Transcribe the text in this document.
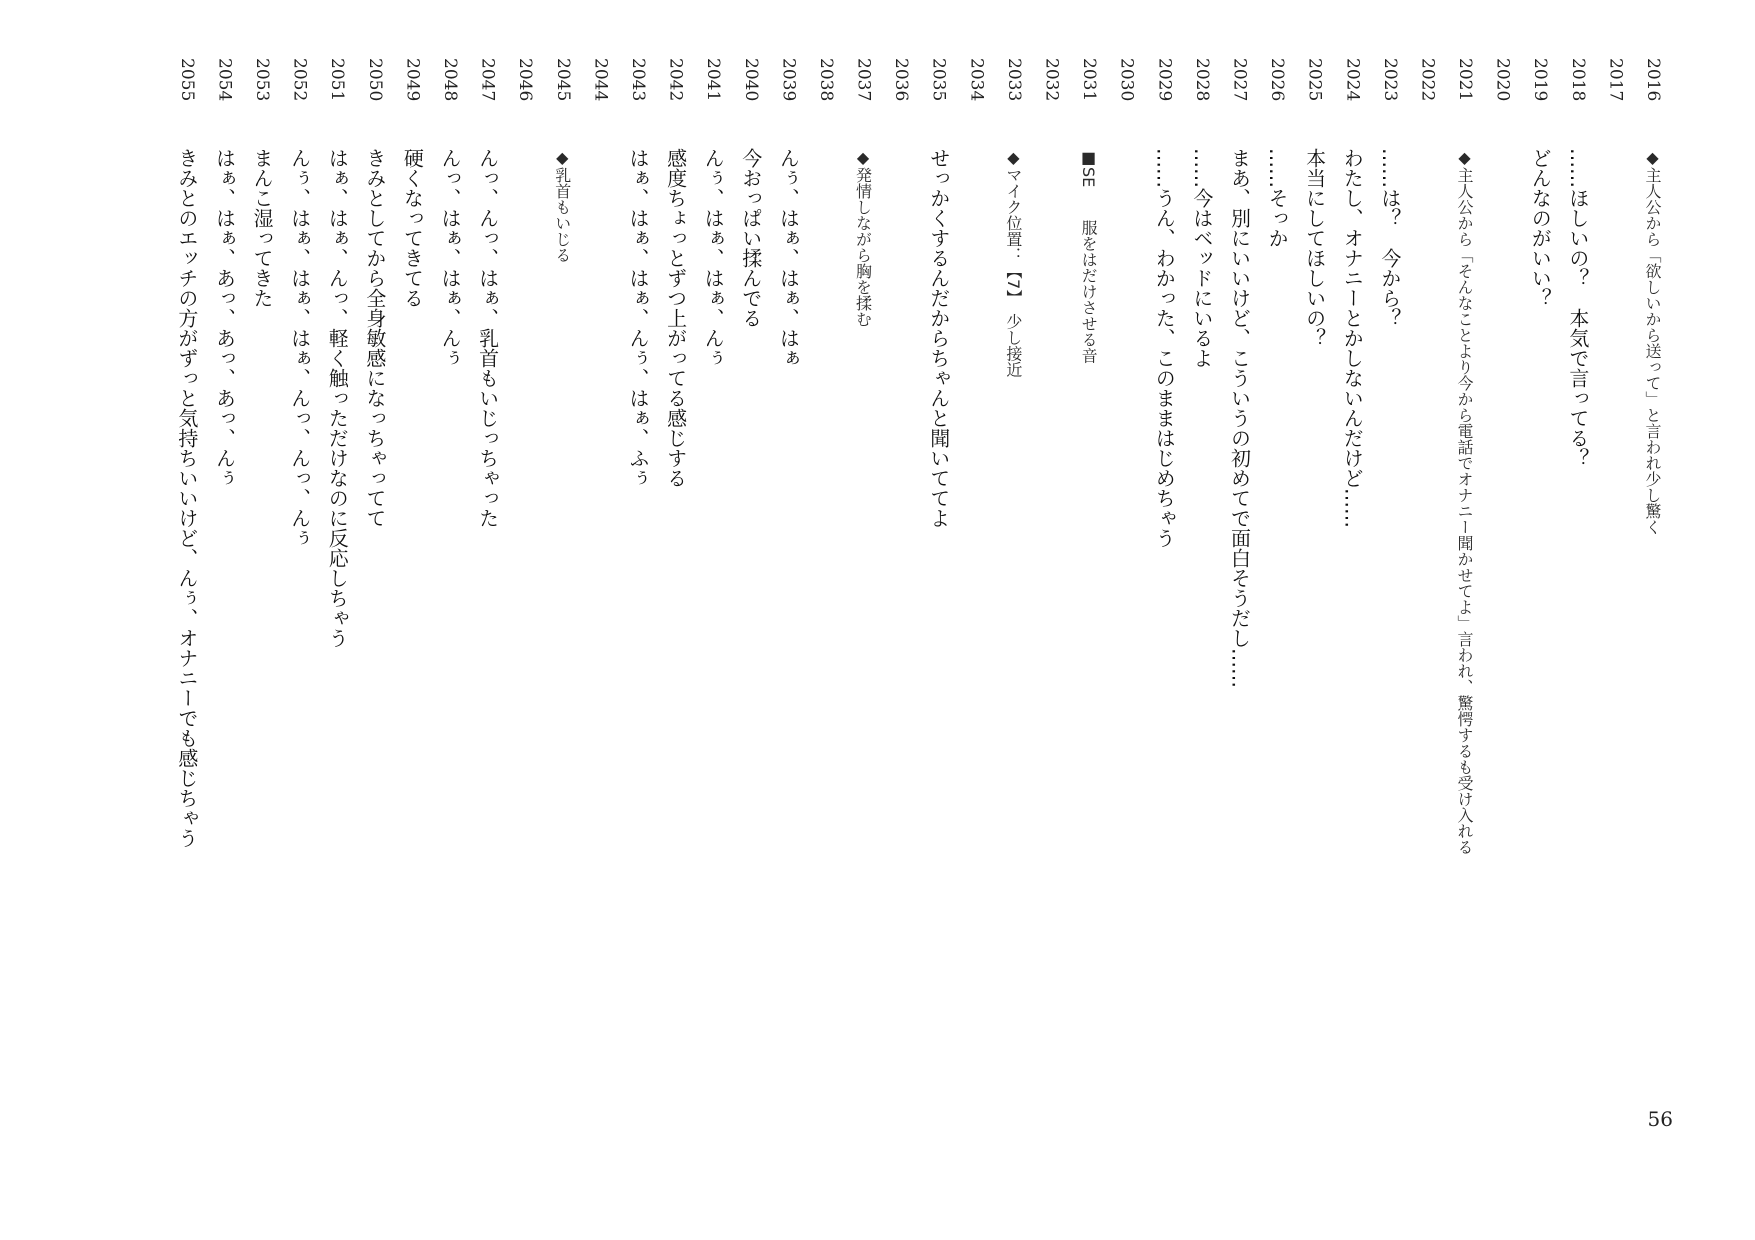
2016
◆主人公から「欲しいから送って」と言われ少し驚く
2017
2018
……ほしいの？　本気で言ってる？
2019
どんなのがいい？
2020
2021
◆主人公から「そんなことより今から電話でオナニー聞かせてよ」言われ、驚愕するも受け入れる
2022
2023
……は？　今から？
2024
わたし、オナニーとかしないんだけど……
2025
本当にしてほしいの？
2026
……そっか
2027
まあ、別にいいけど、こういうの初めてで面白そうだし……
2028
……今はベッドにいるよ
2029
……うん、わかった、このままはじめちゃう
2030
2031
■SE　　服をはだけさせる音
2032
2033
◆マイク位置：【7】　少し接近
2034
2035
せっかくするんだからちゃんと聞いててよ
2036
2037
◆発情しながら胸を揉む
2038
2039
んぅ、はぁ、はぁ、はぁ
2040
今おっぱい揉んでる
2041
んぅ、はぁ、はぁ、んぅ
2042
感度ちょっとずつ上がってる感じする
2043
はぁ、はぁ、はぁ、んぅ、はぁ、ふぅ
2044
2045
◆乳首もいじる
2046
2047
んっ、んっ、はぁ、乳首もいじっちゃった
2048
んっ、はぁ、はぁ、んぅ
2049
硬くなってきてる
2050
きみとしてから全身敏感になっちゃってて
2051
はぁ、はぁ、んっ、軽く触っただけなのに反応しちゃう
2052
んぅ、はぁ、はぁ、はぁ、んっ、んっ、んぅ
2053
まんこ湿ってきた
2054
はぁ、はぁ、あっ、あっ、あっ、んぅ
2055
きみとのエッチの方がずっと気持ちいいけど、んぅ、オナニーでも感じちゃう
56
